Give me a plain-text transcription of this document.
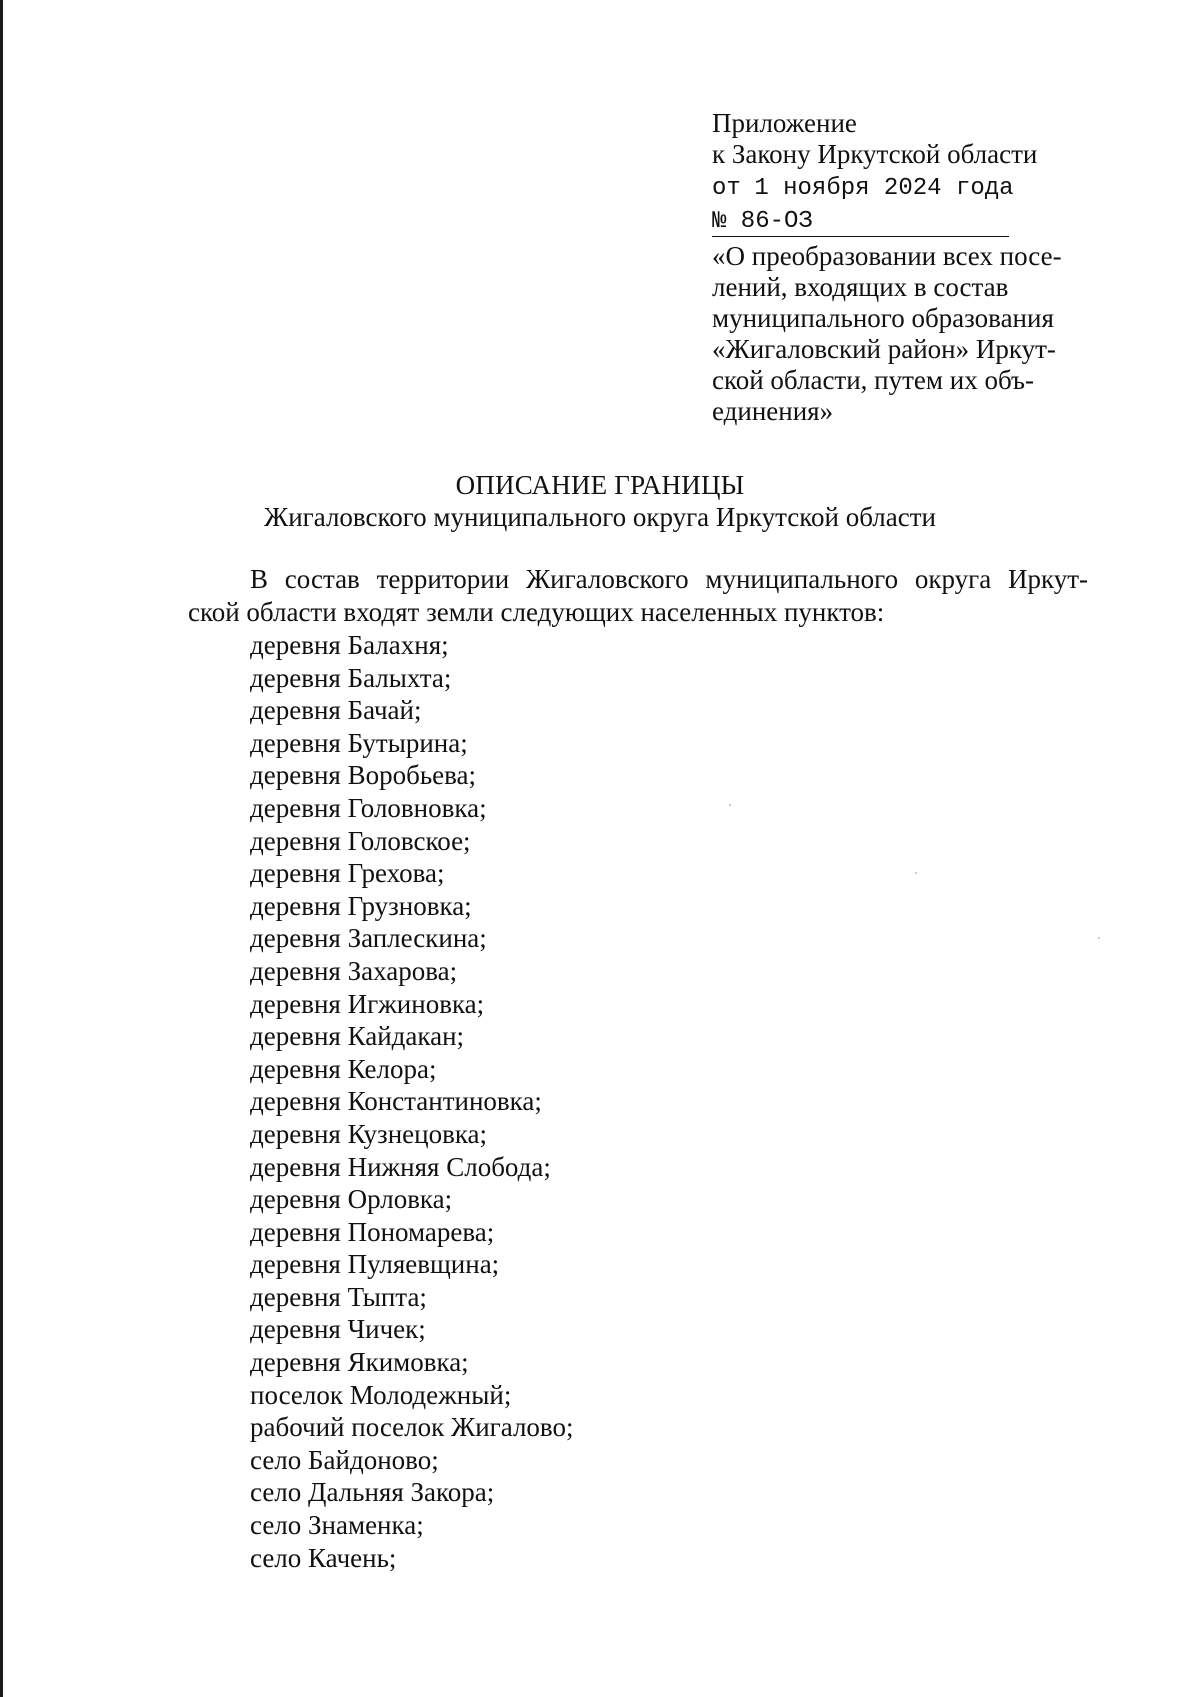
Приложение
к Закону Иркутской области
от 1 ноября 2024 года
№ 86-ОЗ
«О преобразовании всех посе-
лений, входящих в состав
муниципального образования
«Жигаловский район» Иркут-
ской области, путем их объ-
единения»
ОПИСАНИЕ ГРАНИЦЫ
Жигаловского муниципального округа Иркутской области
В состав территории Жигаловского муниципального округа Иркут-
ской области входят земли следующих населенных пунктов:
деревня Балахня;
деревня Балыхта;
деревня Бачай;
деревня Бутырина;
деревня Воробьева;
деревня Головновка;
деревня Головское;
деревня Грехова;
деревня Грузновка;
деревня Заплескина;
деревня Захарова;
деревня Игжиновка;
деревня Кайдакан;
деревня Келора;
деревня Константиновка;
деревня Кузнецовка;
деревня Нижняя Слобода;
деревня Орловка;
деревня Пономарева;
деревня Пуляевщина;
деревня Тыпта;
деревня Чичек;
деревня Якимовка;
поселок Молодежный;
рабочий поселок Жигалово;
село Байдоново;
село Дальняя Закора;
село Знаменка;
село Качень;
